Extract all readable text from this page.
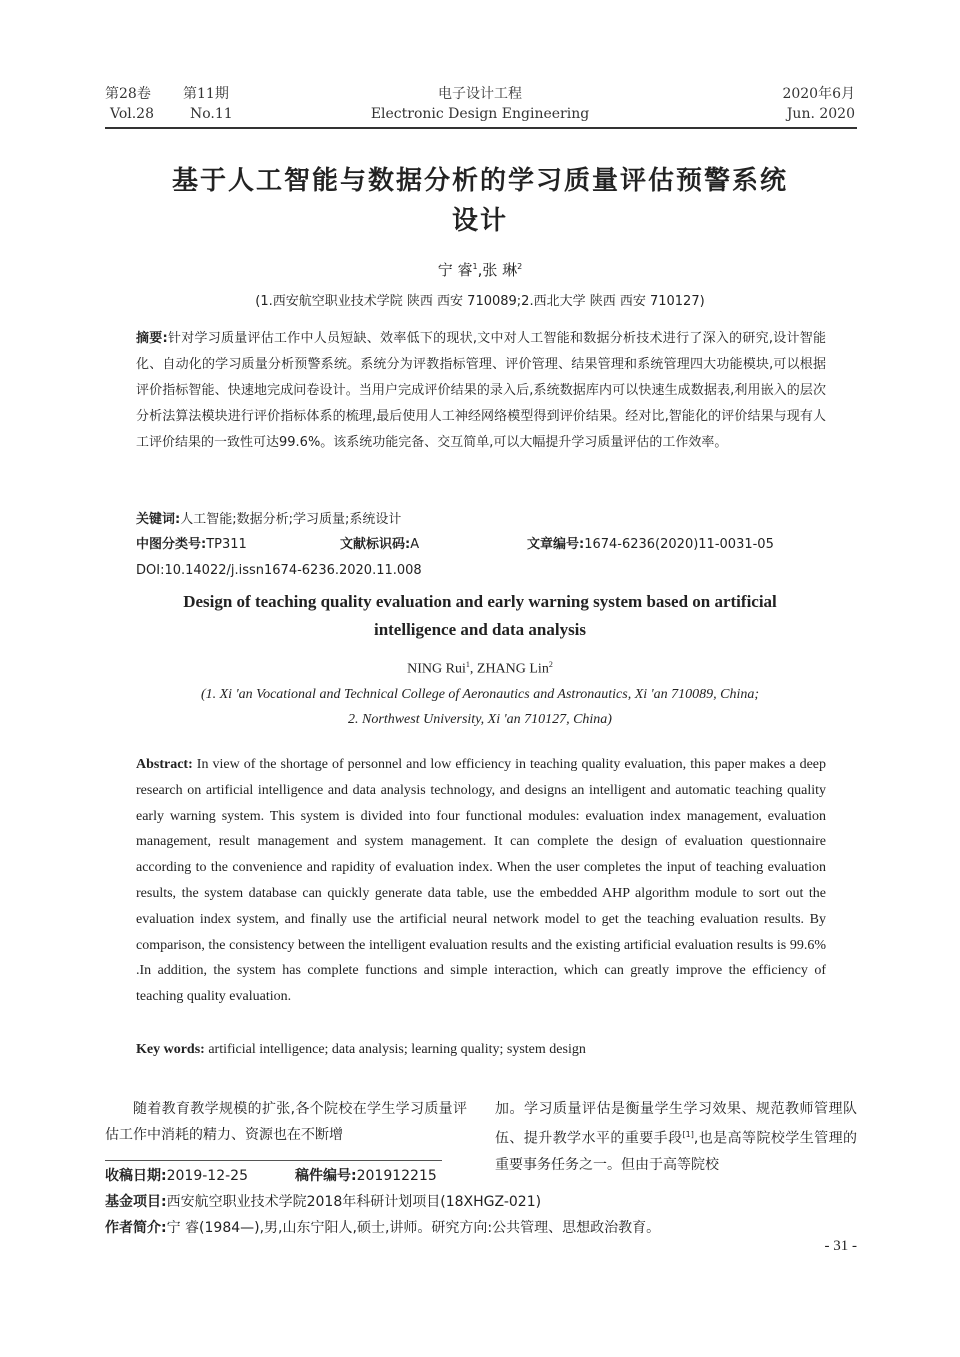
第28卷
Vol.28
第11期
No.11
电子设计工程
Electronic Design Engineering
2020年6月
Jun. 2020
基于人工智能与数据分析的学习质量评估预警系统
设计
宁 睿$^1$,张 琳$^2$
(1.西安航空职业技术学院 陕西 西安 710089;2.西北大学 陕西 西安 710127)
摘要:针对学习质量评估工作中人员短缺、效率低下的现状,文中对人工智能和数据分析技术进行了深入的研究,设计智能化、自动化的学习质量分析预警系统。系统分为评教指标管理、评价管理、结果管理和系统管理四大功能模块,可以根据评价指标智能、快速地完成问卷设计。当用户完成评价结果的录入后,系统数据库内可以快速生成数据表,利用嵌入的层次分析法算法模块进行评价指标体系的梳理,最后使用人工神经网络模型得到评价结果。经对比,智能化的评价结果与现有人工评价结果的一致性可达99.6%。该系统功能完备、交互简单,可以大幅提升学习质量评估的工作效率。
关键词:人工智能;数据分析;学习质量;系统设计
中图分类号:TP311	文献标识码:A	文章编号:1674-6236(2020)11-0031-05
DOI:10.14022/j.issn1674-6236.2020.11.008
Design of teaching quality evaluation and early warning system based on artificial
intelligence and data analysis
NING Rui$^1$, ZHANG Lin$^2$
(1. Xi 'an Vocational and Technical College of Aeronautics and Astronautics, Xi 'an 710089, China;
2. Northwest University, Xi 'an 710127, China)
Abstract: In view of the shortage of personnel and low efficiency in teaching quality evaluation, this paper makes a deep research on artificial intelligence and data analysis technology, and designs an intelligent and automatic teaching quality early warning system. This system is divided into four functional modules: evaluation index management, evaluation management, result management and system management. It can complete the design of evaluation questionnaire according to the convenience and rapidity of evaluation index. When the user completes the input of teaching evaluation results, the system database can quickly generate data table, use the embedded AHP algorithm module to sort out the evaluation index system, and finally use the artificial neural network model to get the teaching evaluation results. By comparison, the consistency between the intelligent evaluation results and the existing artificial evaluation results is 99.6% .In addition, the system has complete functions and simple interaction, which can greatly improve the efficiency of teaching quality evaluation.
Key words: artificial intelligence; data analysis; learning quality; system design
随着教育教学规模的扩张,各个院校在学生学习质量评估工作中消耗的精力、资源也在不断增
加。学习质量评估是衡量学生学习效果、规范教师管理队伍、提升教学水平的重要手段[1],也是高等院校学生管理的重要事务任务之一。但由于高等院校
收稿日期:2019-12-25	稿件编号:201912215
基金项目:西安航空职业技术学院2018年科研计划项目(18XHGZ-021)
作者简介:宁 睿(1984—),男,山东宁阳人,硕士,讲师。研究方向:公共管理、思想政治教育。
- 31 -
